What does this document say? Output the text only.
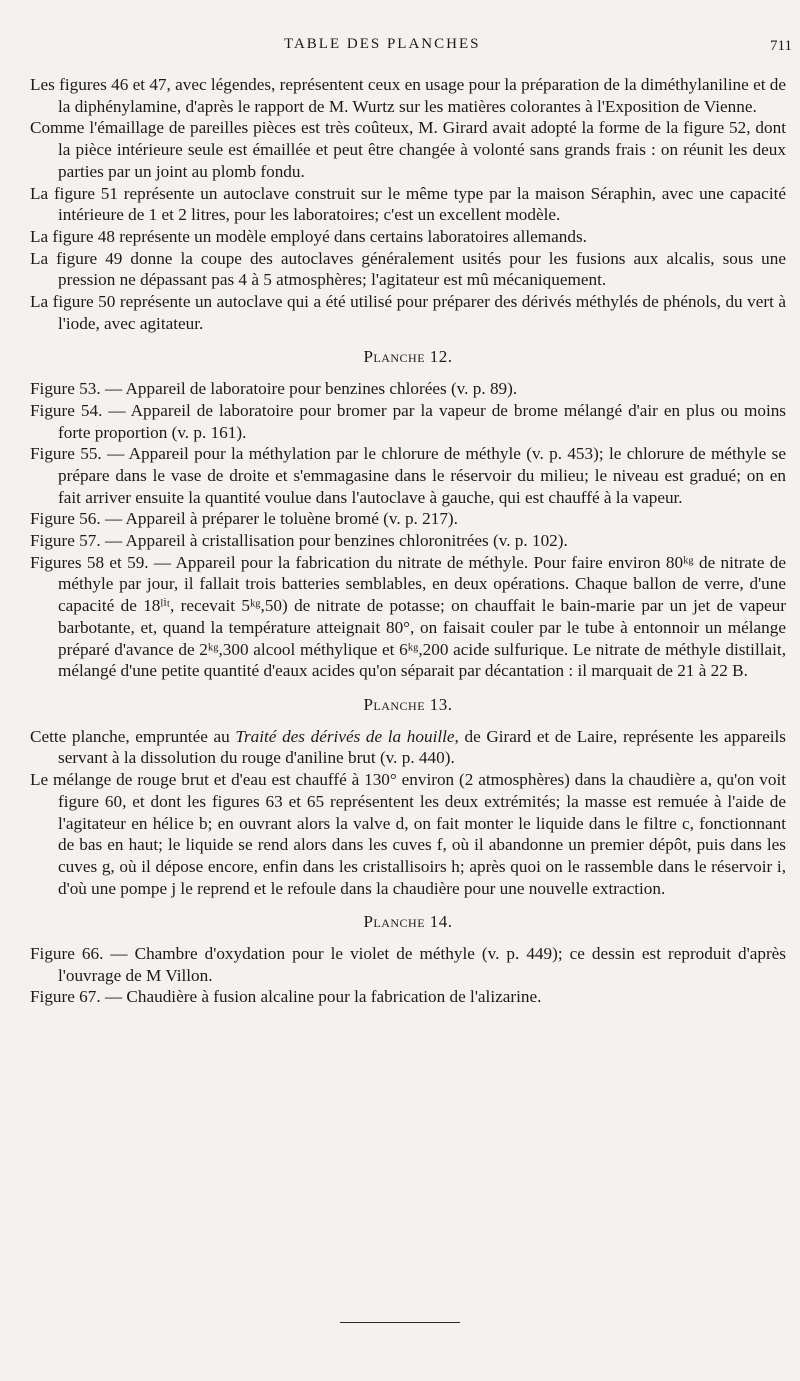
TABLE DES PLANCHES	711

Les figures 46 et 47, avec légendes, représentent ceux en usage pour la préparation de la diméthylaniline et de la diphénylamine, d'après le rapport de M. Wurtz sur les matières colorantes à l'Exposition de Vienne.

Comme l'émaillage de pareilles pièces est très coûteux, M. Girard avait adopté la forme de la figure 52, dont la pièce intérieure seule est émaillée et peut être changée à volonté sans grands frais : on réunit les deux parties par un joint au plomb fondu.

La figure 51 représente un autoclave construit sur le même type par la maison Séraphin, avec une capacité intérieure de 1 et 2 litres, pour les laboratoires; c'est un excellent modèle.

La figure 48 représente un modèle employé dans certains laboratoires allemands.

La figure 49 donne la coupe des autoclaves généralement usités pour les fusions aux alcalis, sous une pression ne dépassant pas 4 à 5 atmosphères; l'agitateur est mû mécaniquement.

La figure 50 représente un autoclave qui a été utilisé pour préparer des dérivés méthylés de phénols, du vert à l'iode, avec agitateur.

Planche 12.

Figure 53. — Appareil de laboratoire pour benzines chlorées (v. p. 89).

Figure 54. — Appareil de laboratoire pour bromer par la vapeur de brome mélangé d'air en plus ou moins forte proportion (v. p. 161).

Figure 55. — Appareil pour la méthylation par le chlorure de méthyle (v. p. 453); le chlorure de méthyle se prépare dans le vase de droite et s'emmagasine dans le réservoir du milieu; le niveau est gradué; on en fait arriver ensuite la quantité voulue dans l'autoclave à gauche, qui est chauffé à la vapeur.

Figure 56. — Appareil à préparer le toluène bromé (v. p. 217).

Figure 57. — Appareil à cristallisation pour benzines chloronitrées (v. p. 102).

Figures 58 et 59. — Appareil pour la fabrication du nitrate de méthyle. Pour faire environ 80ᵏᵍ de nitrate de méthyle par jour, il fallait trois batteries semblables, en deux opérations. Chaque ballon de verre, d'une capacité de 18ˡⁱᵗ, recevait 5ᵏᵍ,50) de nitrate de potasse; on chauffait le bain-marie par un jet de vapeur barbotante, et, quand la température atteignait 80°, on faisait couler par le tube à entonnoir un mélange préparé d'avance de 2ᵏᵍ,300 alcool méthylique et 6ᵏᵍ,200 acide sulfurique. Le nitrate de méthyle distillait, mélangé d'une petite quantité d'eaux acides qu'on séparait par décantation : il marquait de 21 à 22 B.

Planche 13.

Cette planche, empruntée au Traité des dérivés de la houille, de Girard et de Laire, représente les appareils servant à la dissolution du rouge d'aniline brut (v. p. 440).

Le mélange de rouge brut et d'eau est chauffé à 130° environ (2 atmosphères) dans la chaudière a, qu'on voit figure 60, et dont les figures 63 et 65 représentent les deux extrémités; la masse est remuée à l'aide de l'agitateur en hélice b; en ouvrant alors la valve d, on fait monter le liquide dans le filtre c, fonctionnant de bas en haut; le liquide se rend alors dans les cuves f, où il abandonne un premier dépôt, puis dans les cuves g, où il dépose encore, enfin dans les cristallisoirs h; après quoi on le rassemble dans le réservoir i, d'où une pompe j le reprend et le refoule dans la chaudière pour une nouvelle extraction.

Planche 14.

Figure 66. — Chambre d'oxydation pour le violet de méthyle (v. p. 449); ce dessin est reproduit d'après l'ouvrage de M Villon.

Figure 67. — Chaudière à fusion alcaline pour la fabrication de l'alizarine.
